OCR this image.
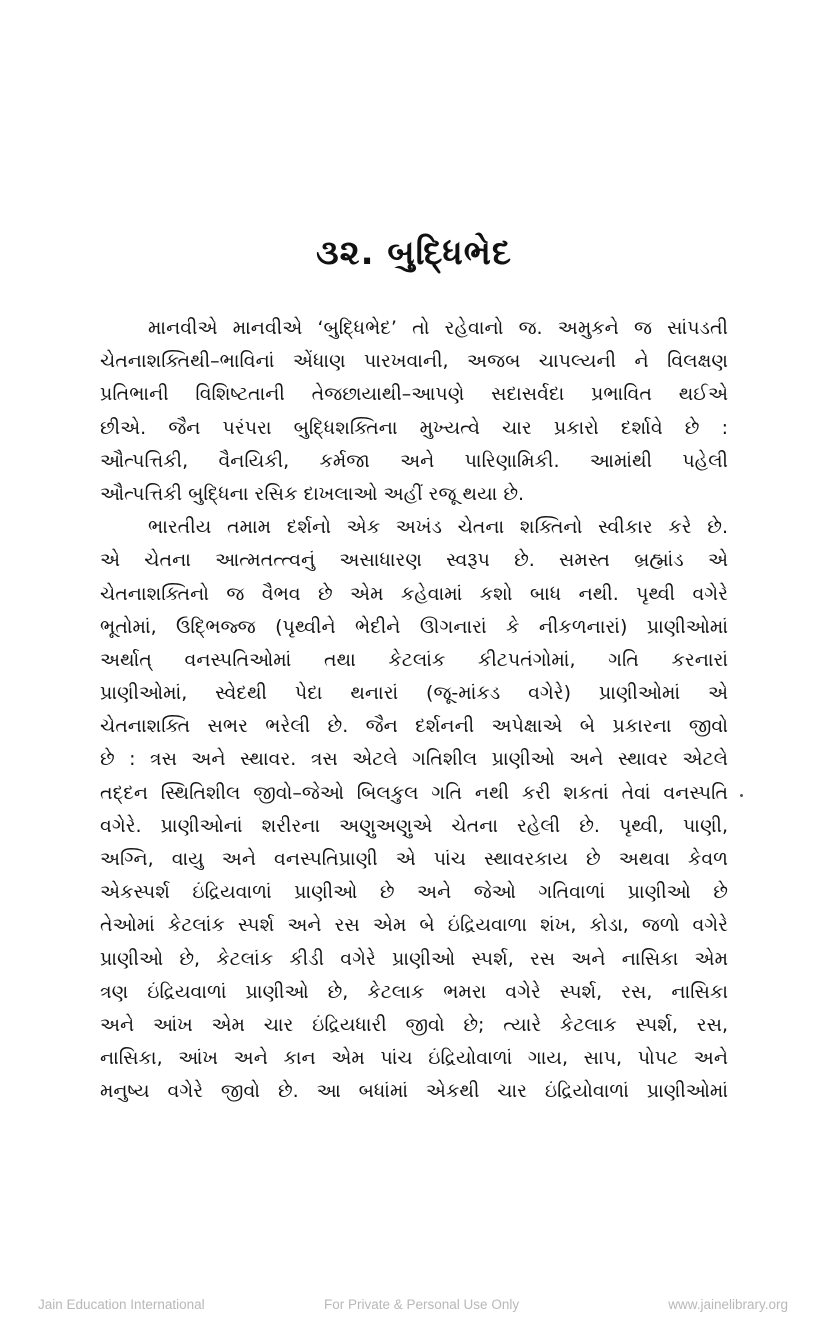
૩૨. બુદ્ધિભેદ
માનવીએ માનવીએ ‘બુદ્ધિભેદ’ તો રહેવાનો જ. અમુકને જ સાંપડતી
ચેતનાશક્તિથી–ભાવિનાં એંધાણ પારખવાની, અજબ ચાપલ્યની ને વિલક્ષણ
પ્રતિભાની વિશિષ્ટતાની તેજછાયાથી–આપણે સદાસર્વદા પ્રભાવિત થઈએ
છીએ. જૈન પરંપરા બુદ્ધિશક્તિના મુખ્યત્વે ચાર પ્રકારો દર્શાવે છે :
ઔત્પત્તિકી, વૈનયિકી, કર્મજા અને પારિણામિકી. આમાંથી પહેલી
ઔત્પત્તિકી બુદ્ધિના રસિક દાખલાઓ અહીં રજૂ થયા છે.
ભારતીય તમામ દર્શનો એક અખંડ ચેતના શક્તિનો સ્વીકાર કરે છે.
એ ચેતના આત્મતત્ત્વનું અસાધારણ સ્વરૂપ છે. સમસ્ત બ્રહ્માંડ એ
ચેતનાશક્તિનો જ વૈભવ છે એમ કહેવામાં કશો બાધ નથી. પૃથ્વી વગેરે
ભૂતોમાં, ઉદ્ભિજ્જ (પૃથ્વીને ભેદીને ઊગનારાં કે નીકળનારાં) પ્રાણીઓમાં
અર્થાત્ વનસ્પતિઓમાં તથા કેટલાંક કીટપતંગોમાં, ગતિ કરનારાં
પ્રાણીઓમાં, સ્વેદથી પેદા થનારાં (જૂ-માંકડ વગેરે) પ્રાણીઓમાં એ
ચેતનાશક્તિ સભર ભરેલી છે. જૈન દર્શનની અપેક્ષાએ બે પ્રકારના જીવો
છે : ત્રસ અને સ્થાવર. ત્રસ એટલે ગતિશીલ પ્રાણીઓ અને સ્થાવર એટલે
તદ્દન સ્થિતિશીલ જીવો–જેઓ બિલકુલ ગતિ નથી કરી શકતાં તેવાં વનસ્પતિ
વગેરે. પ્રાણીઓનાં શરીરના અણુઅણુએ ચેતના રહેલી છે. પૃથ્વી, પાણી,
અગ્નિ, વાયુ અને વનસ્પતિપ્રાણી એ પાંચ સ્થાવરકાય છે અથવા કેવળ
એકસ્પર્શ ઇંદ્રિયવાળાં પ્રાણીઓ છે અને જેઓ ગતિવાળાં પ્રાણીઓ છે
તેઓમાં કેટલાંક સ્પર્શ અને રસ એમ બે ઇંદ્રિયવાળા શંખ, કોડા, જળો વગેરે
પ્રાણીઓ છે, કેટલાંક કીડી વગેરે પ્રાણીઓ સ્પર્શ, રસ અને નાસિકા એમ
ત્રણ ઇંદ્રિયવાળાં પ્રાણીઓ છે, કેટલાક ભમરા વગેરે સ્પર્શ, રસ, નાસિકા
અને આંખ એમ ચાર ઇંદ્રિયધારી જીવો છે; ત્યારે કેટલાક સ્પર્શ, રસ,
નાસિકા, આંખ અને કાન એમ પાંચ ઇંદ્રિયોવાળાં ગાય, સાપ, પોપટ અને
મનુષ્ય વગેરે જીવો છે. આ બધાંમાં એકથી ચાર ઇંદ્રિયોવાળાં પ્રાણીઓમાં
Jain Education International	For Private & Personal Use Only	www.jainelibrary.org
